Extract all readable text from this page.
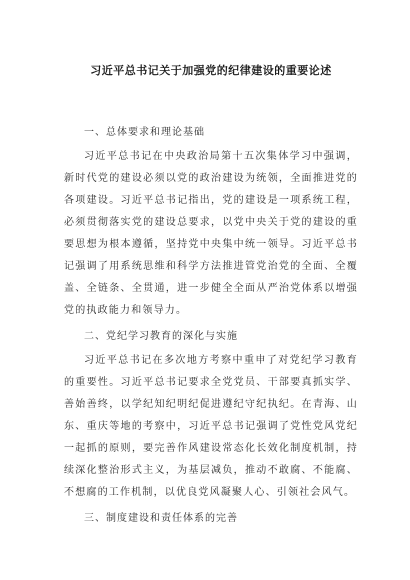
习近平总书记关于加强党的纪律建设的重要论述

一、总体要求和理论基础

习近平总书记在中央政治局第十五次集体学习中强调，新时代党的建设必须以党的政治建设为统领，全面推进党的各项建设。习近平总书记指出，党的建设是一项系统工程，必须贯彻落实党的建设总要求，以党中央关于党的建设的重要思想为根本遵循，坚持党中央集中统一领导。习近平总书记强调了用系统思维和科学方法推进管党治党的全面、全覆盖、全链条、全贯通，进一步健全全面从严治党体系以增强党的执政能力和领导力。

二、党纪学习教育的深化与实施

习近平总书记在多次地方考察中重申了对党纪学习教育的重要性。习近平总书记要求全党党员、干部要真抓实学、善始善终，以学纪知纪明纪促进遵纪守纪执纪。在青海、山东、重庆等地的考察中，习近平总书记强调了党性党风党纪一起抓的原则，要完善作风建设常态化长效化制度机制，持续深化整治形式主义，为基层减负，推动不敢腐、不能腐、不想腐的工作机制，以优良党风凝聚人心、引领社会风气。

三、制度建设和责任体系的完善
